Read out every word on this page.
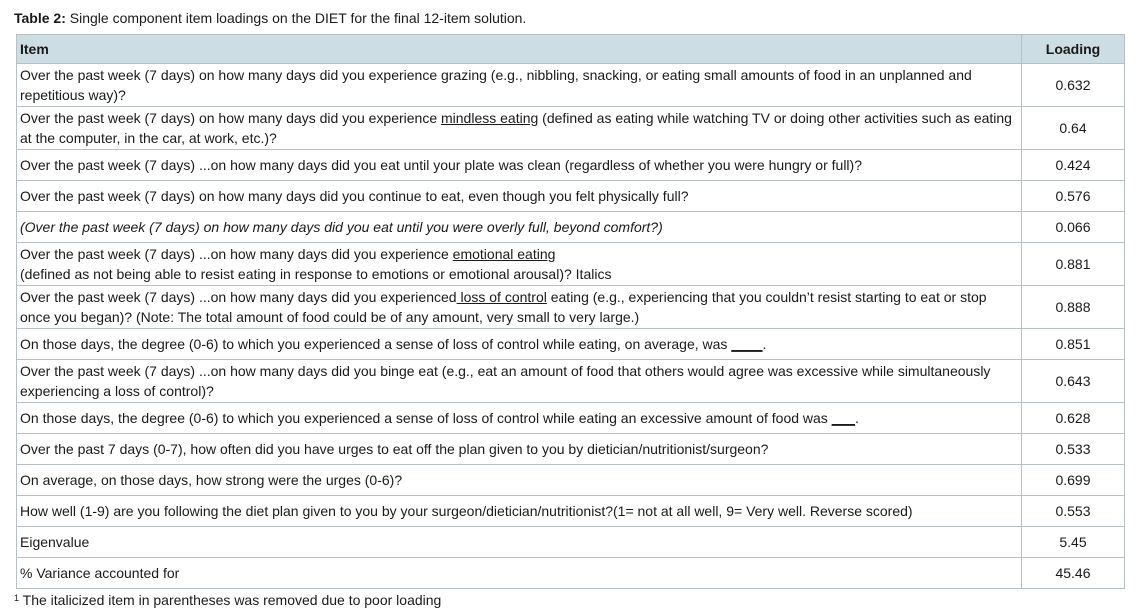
Table 2: Single component item loadings on the DIET for the final 12-item solution.
Item	Loading
Over the past week (7 days) on how many days did you experience grazing (e.g., nibbling, snacking, or eating small amounts of food in an unplanned and repetitious way)?	0.632
Over the past week (7 days) on how many days did you experience mindless eating (defined as eating while watching TV or doing other activities such as eating at the computer, in the car, at work, etc.)?	0.64
Over the past week (7 days) ...on how many days did you eat until your plate was clean (regardless of whether you were hungry or full)?	0.424
Over the past week (7 days) on how many days did you continue to eat, even though you felt physically full?	0.576
(Over the past week (7 days) on how many days did you eat until you were overly full, beyond comfort?)	0.066
Over the past week (7 days) ...on how many days did you experience emotional eating
(defined as not being able to resist eating in response to emotions or emotional arousal)? Italics	0.881
Over the past week (7 days) ...on how many days did you experienced loss of control eating (e.g., experiencing that you couldn’t resist starting to eat or stop once you began)? (Note: The total amount of food could be of any amount, very small to very large.)	0.888
On those days, the degree (0-6) to which you experienced a sense of loss of control while eating, on average, was ____.	0.851
Over the past week (7 days) ...on how many days did you binge eat (e.g., eat an amount of food that others would agree was excessive while simultaneously experiencing a loss of control)?	0.643
On those days, the degree (0-6) to which you experienced a sense of loss of control while eating an excessive amount of food was ___.	0.628
Over the past 7 days (0-7), how often did you have urges to eat off the plan given to you by dietician/nutritionist/surgeon?	0.533
On average, on those days, how strong were the urges (0-6)?	0.699
How well (1-9) are you following the diet plan given to you by your surgeon/dietician/nutritionist?(1= not at all well, 9= Very well. Reverse scored)	0.553
Eigenvalue	5.45
% Variance accounted for	45.46
$^1$ The italicized item in parentheses was removed due to poor loading
